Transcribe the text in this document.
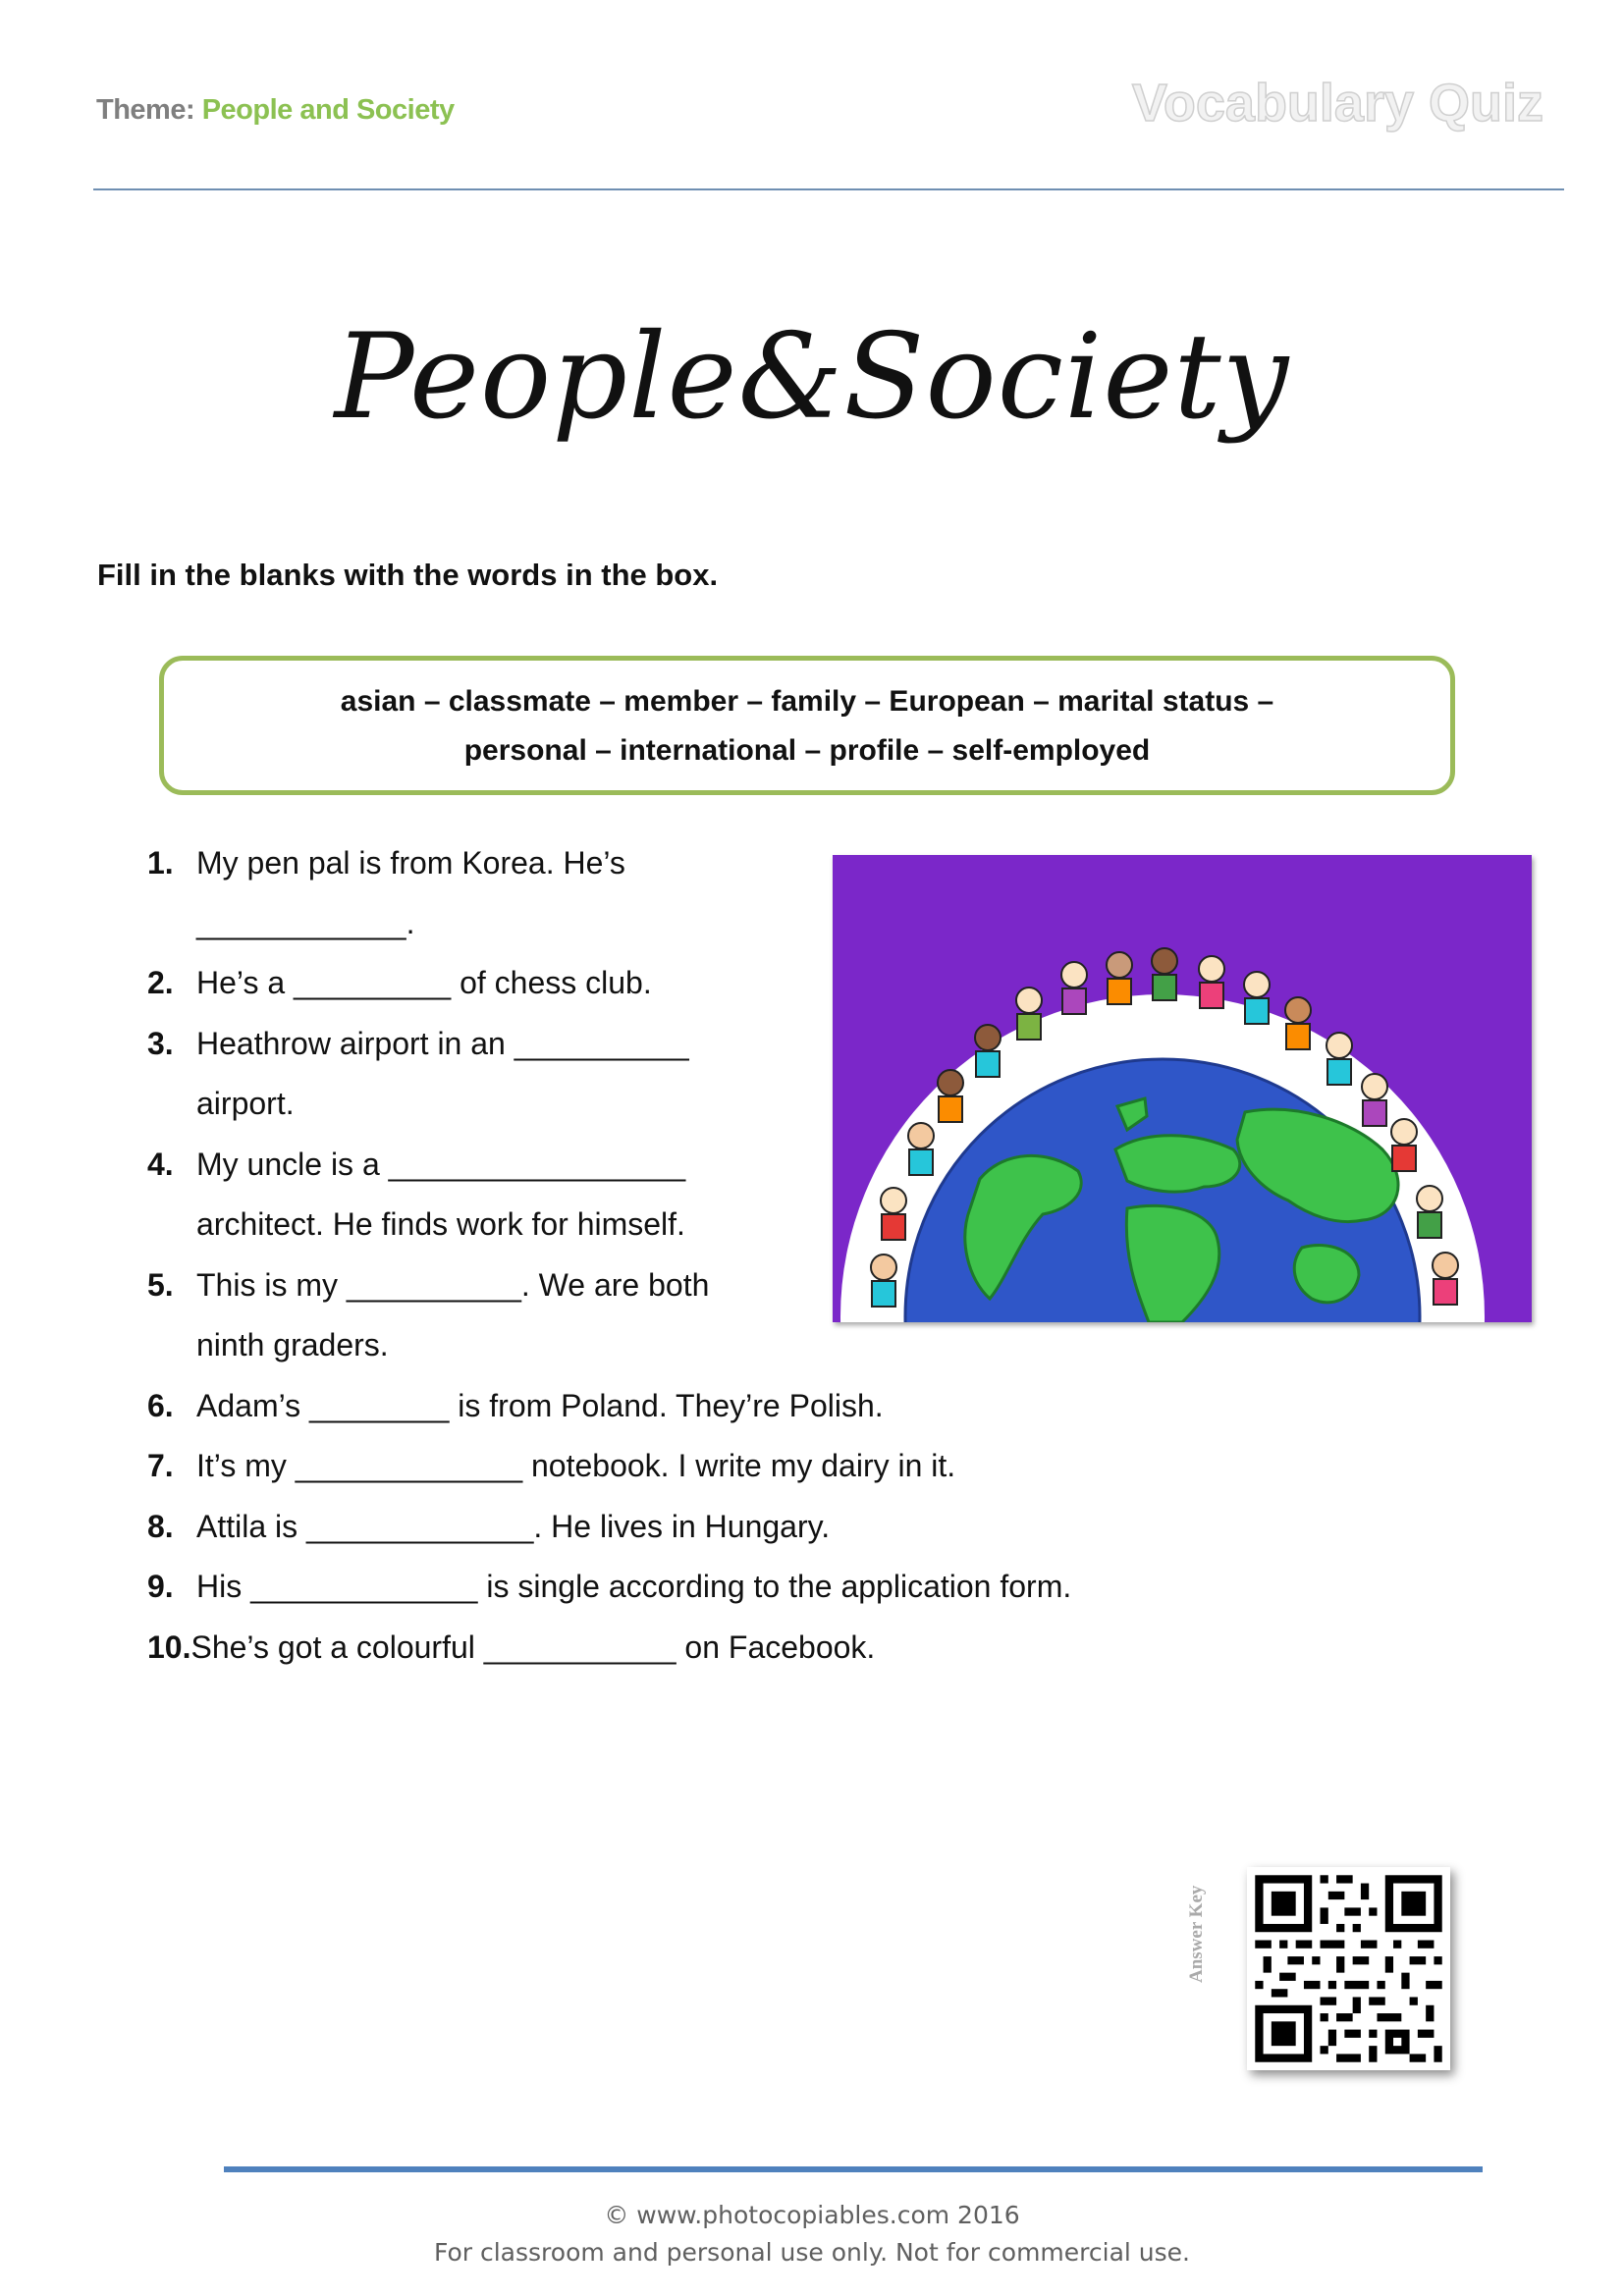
Theme: People and Society	Vocabulary Quiz
People&Society
Fill in the blanks with the words in the box.
asian – classmate – member – family – European – marital status –
personal – international – profile – self-employed
1. My pen pal is from Korea. He’s
____________.
2. He’s a _________ of chess club.
3. Heathrow airport in an __________
airport.
4. My uncle is a _________________
architect. He finds work for himself.
5. This is my __________. We are both
ninth graders.
6. Adam’s ________ is from Poland. They’re Polish.
7. It’s my _____________ notebook. I write my dairy in it.
8. Attila is _____________. He lives in Hungary.
9. His _____________ is single according to the application form.
10.She’s got a colourful ___________ on Facebook.
Answer Key
© www.photocopiables.com 2016
For classroom and personal use only. Not for commercial use.
